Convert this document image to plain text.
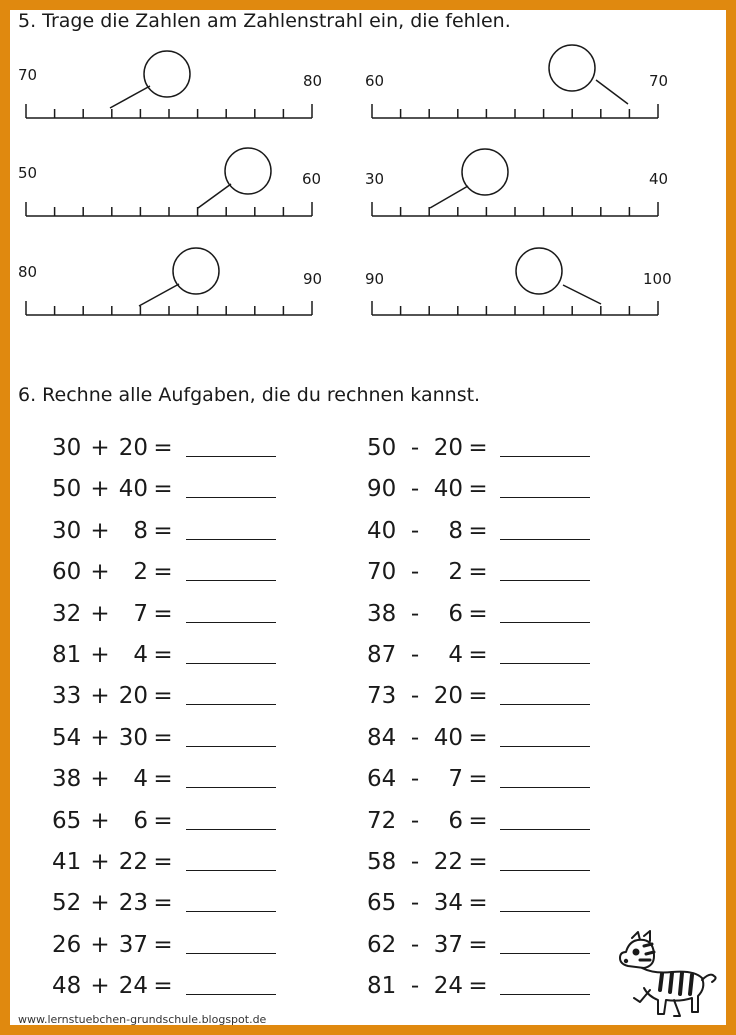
5. Trage die Zahlen am Zahlenstrahl ein, die fehlen.
70	80	60	70
50	60	30	40
80	90	90	100
6. Rechne alle Aufgaben, die du rechnen kannst.
www.lernstuebchen-grundschule.blogspot.de
30 + 20 =
50 + 40 =
30 + 8 =
60 + 2 =
32 + 7 =
81 + 4 =
33 + 20 =
54 + 30 =
38 + 4 =
65 + 6 =
41 + 22 =
52 + 23 =
26 + 37 =
48 + 24 =
50 - 20 =
90 - 40 =
40 - 8 =
70 - 2 =
38 - 6 =
87 - 4 =
73 - 20 =
84 - 40 =
64 - 7 =
72 - 6 =
58 - 22 =
65 - 34 =
62 - 37 =
81 - 24 =
